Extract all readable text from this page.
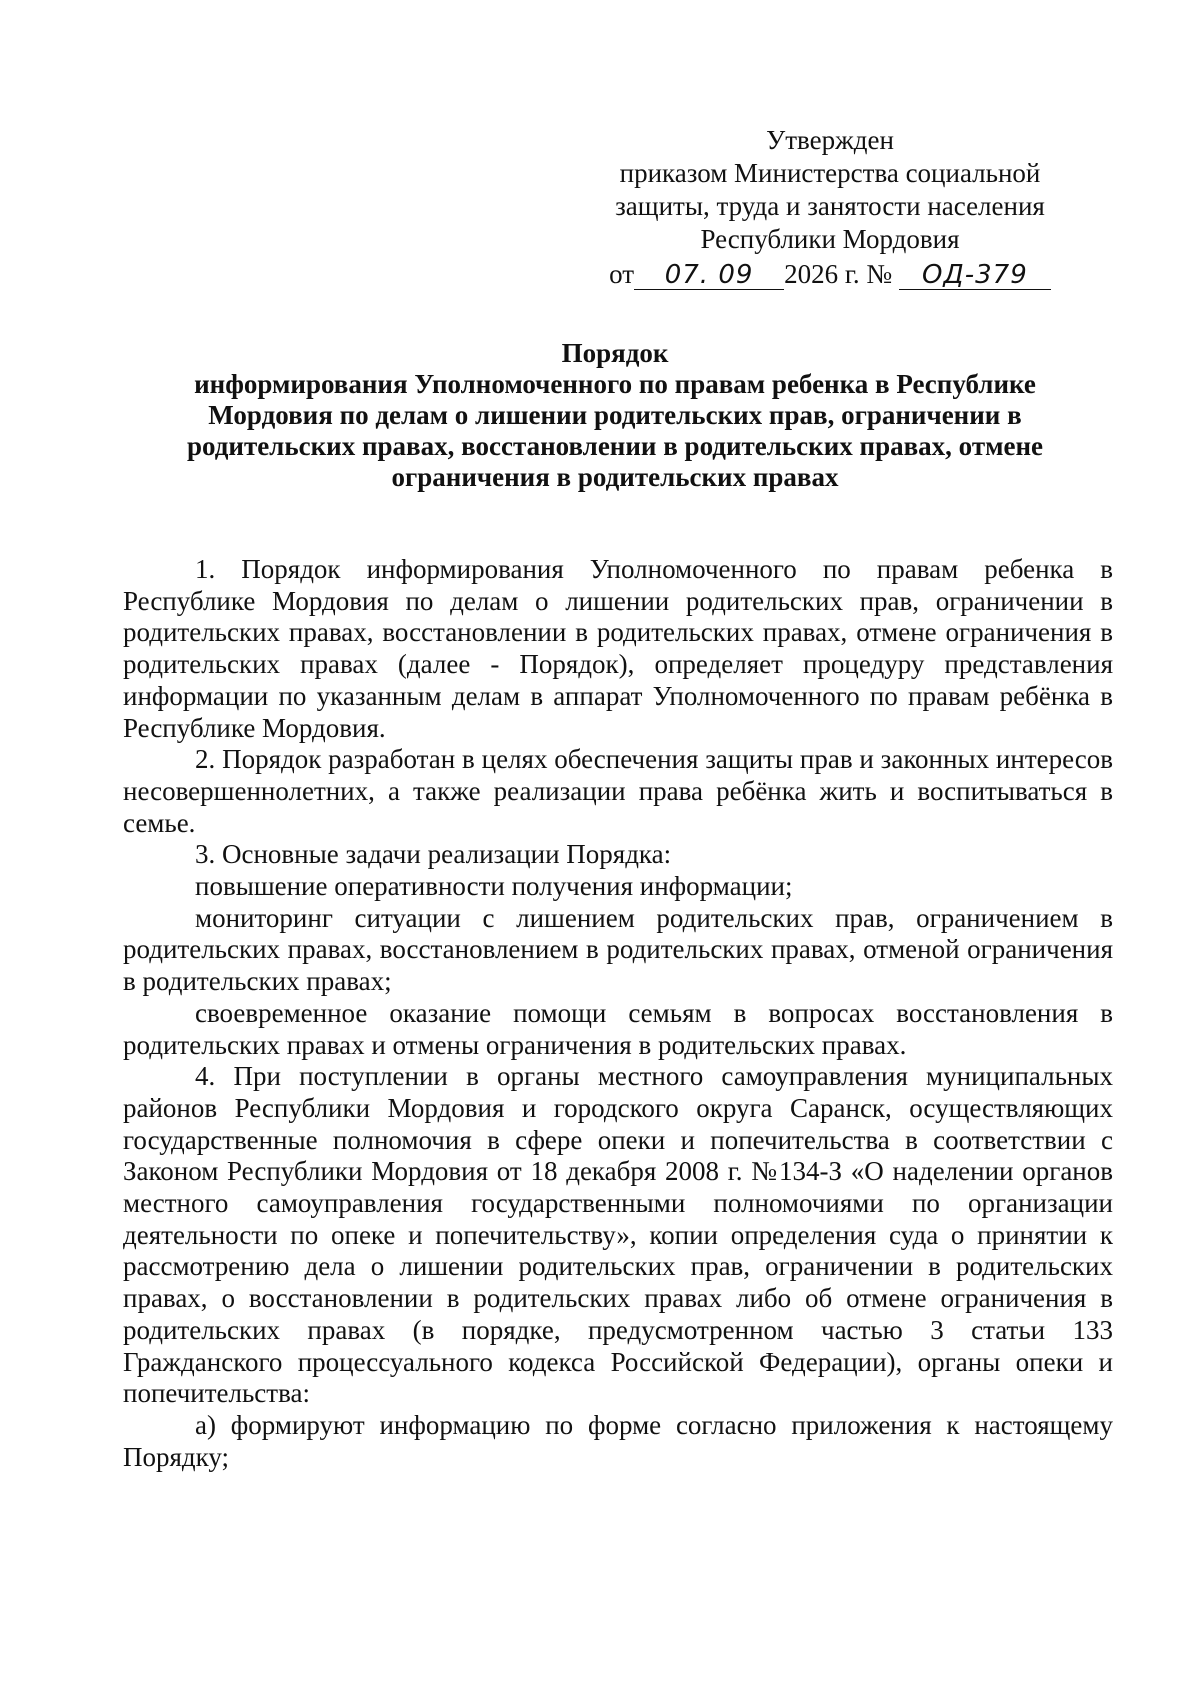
Утвержден
приказом Министерства социальной
защиты, труда и занятости населения
Республики Мордовия
от 07. 09 2026 г. № ОД-379
Порядок
информирования Уполномоченного по правам ребенка в Республике
Мордовия по делам о лишении родительских прав, ограничении в
родительских правах, восстановлении в родительских правах, отмене
ограничения в родительских правах

1. Порядок информирования Уполномоченного по правам ребенка в Республике Мордовия по делам о лишении родительских прав, ограничении в родительских правах, восстановлении в родительских правах, отмене ограничения в родительских правах (далее - Порядок), определяет процедуру представления информации по указанным делам в аппарат Уполномоченного по правам ребёнка в Республике Мордовия.

2. Порядок разработан в целях обеспечения защиты прав и законных интересов несовершеннолетних, а также реализации права ребёнка жить и воспитываться в семье.

3. Основные задачи реализации Порядка:

повышение оперативности получения информации;

мониторинг ситуации с лишением родительских прав, ограничением в родительских правах, восстановлением в родительских правах, отменой ограничения в родительских правах;

своевременное оказание помощи семьям в вопросах восстановления в родительских правах и отмены ограничения в родительских правах.

4. При поступлении в органы местного самоуправления муниципальных районов Республики Мордовия и городского округа Саранск, осуществляющих государственные полномочия в сфере опеки и попечительства в соответствии с Законом Республики Мордовия от 18 декабря 2008 г. №134-З «О наделении органов местного самоуправления государственными полномочиями по организации деятельности по опеке и попечительству», копии определения суда о принятии к рассмотрению дела о лишении родительских прав, ограничении в родительских правах, о восстановлении в родительских правах либо об отмене ограничения в родительских правах (в порядке, предусмотренном частью 3 статьи 133 Гражданского процессуального кодекса Российской Федерации), органы опеки и попечительства:

а) формируют информацию по форме согласно приложения к настоящему Порядку;
